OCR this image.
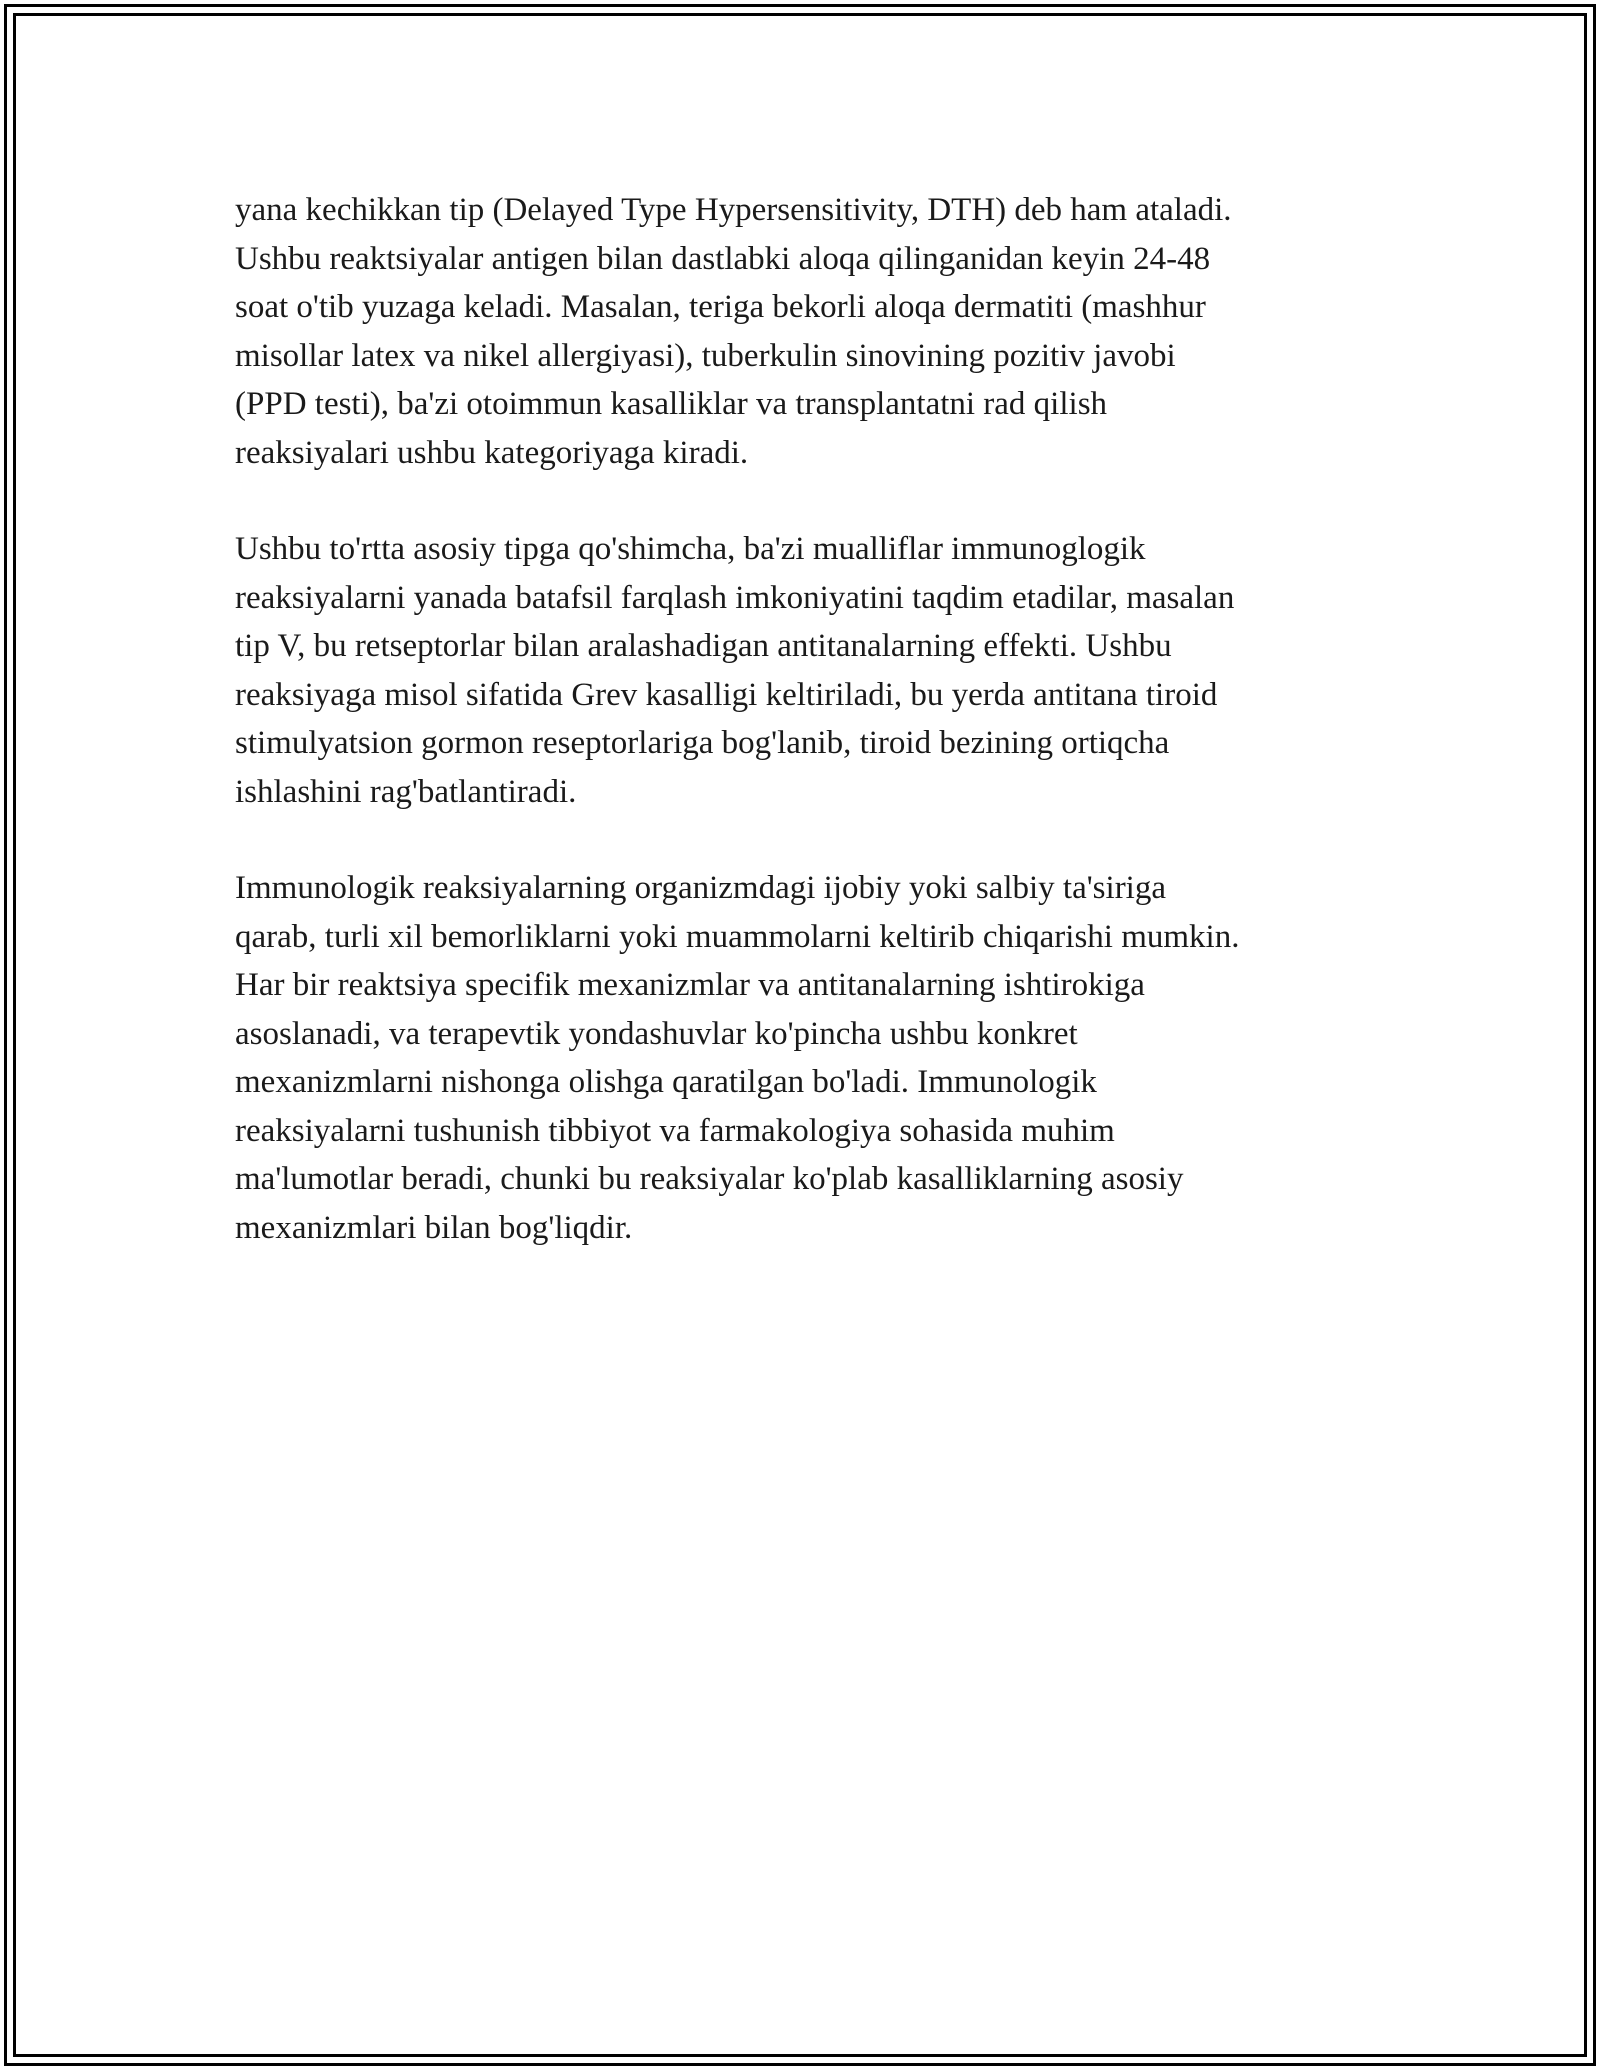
yana kechikkan tip (Delayed Type Hypersensitivity, DTH) deb ham ataladi.
Ushbu reaktsiyalar antigen bilan dastlabki aloqa qilinganidan keyin 24-48
soat o'tib yuzaga keladi. Masalan, teriga bekorli aloqa dermatiti (mashhur
misollar latex va nikel allergiyasi), tuberkulin sinovining pozitiv javobi
(PPD testi), ba'zi otoimmun kasalliklar va transplantatni rad qilish
reaksiyalari ushbu kategoriyaga kiradi.

Ushbu to'rtta asosiy tipga qo'shimcha, ba'zi mualliflar immunoglogik
reaksiyalarni yanada batafsil farqlash imkoniyatini taqdim etadilar, masalan
tip V, bu retseptorlar bilan aralashadigan antitanalarning effekti. Ushbu
reaksiyaga misol sifatida Grev kasalligi keltiriladi, bu yerda antitana tiroid
stimulyatsion gormon reseptorlariga bog'lanib, tiroid bezining ortiqcha
ishlashini rag'batlantiradi.

Immunologik reaksiyalarning organizmdagi ijobiy yoki salbiy ta'siriga
qarab, turli xil bemorliklarni yoki muammolarni keltirib chiqarishi mumkin.
Har bir reaktsiya specifik mexanizmlar va antitanalarning ishtirokiga
asoslanadi, va terapevtik yondashuvlar ko'pincha ushbu konkret
mexanizmlarni nishonga olishga qaratilgan bo'ladi. Immunologik
reaksiyalarni tushunish tibbiyot va farmakologiya sohasida muhim
ma'lumotlar beradi, chunki bu reaksiyalar ko'plab kasalliklarning asosiy
mexanizmlari bilan bog'liqdir.
